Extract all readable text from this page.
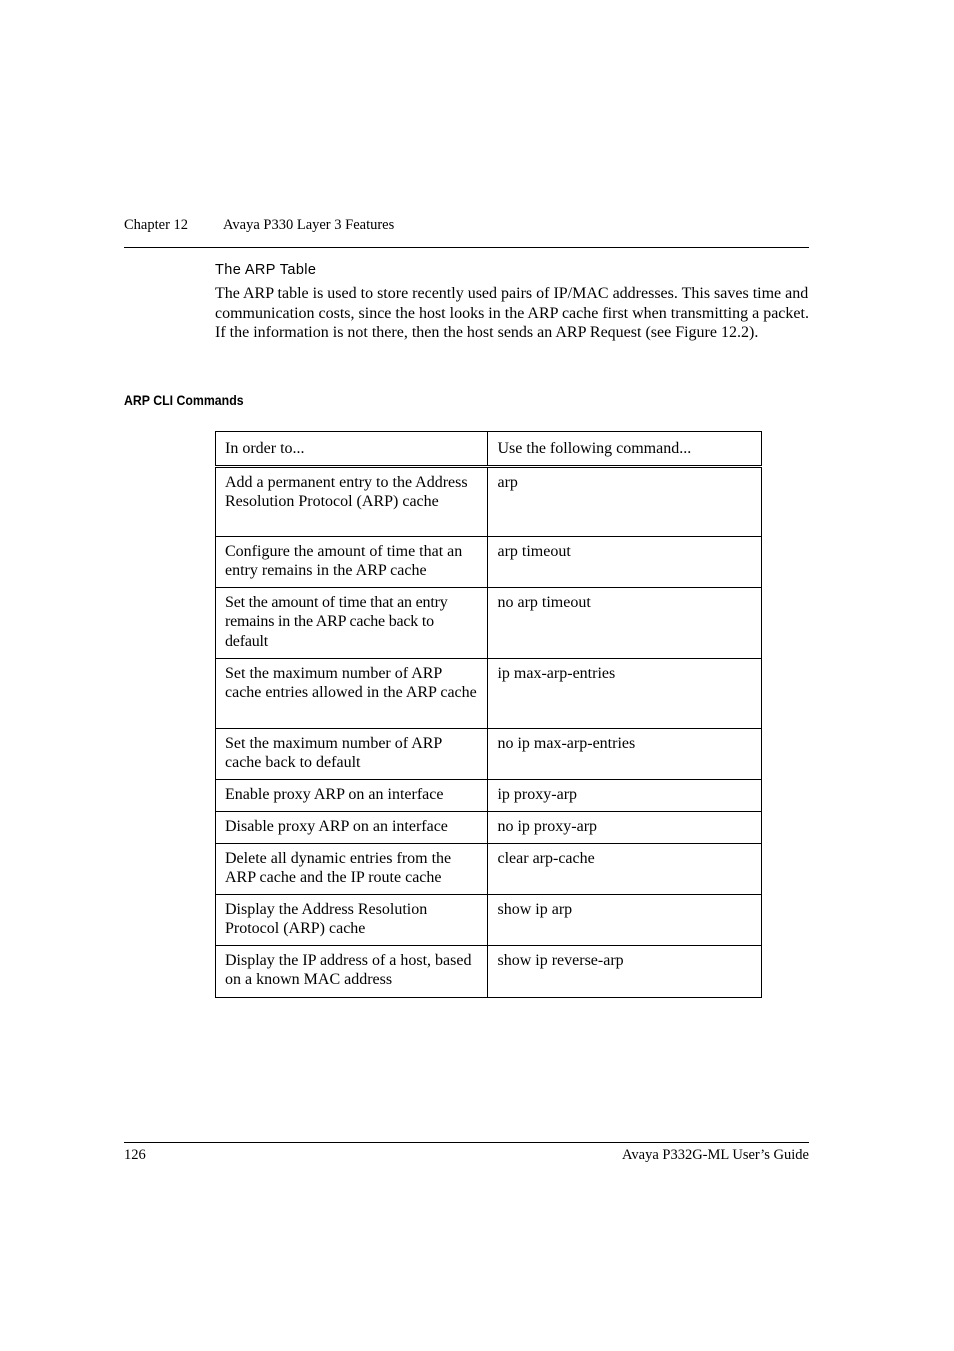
Chapter 12 Avaya P330 Layer 3 Features
The ARP Table

The ARP table is used to store recently used pairs of IP/MAC addresses. This saves time and communication costs, since the host looks in the ARP cache first when transmitting a packet. If the information is not there, then the host sends an ARP Request (see Figure 12.2).

ARP CLI Commands
In order to...	Use the following command...
Add a permanent entry to the Address Resolution Protocol (ARP) cache	arp
Configure the amount of time that an entry remains in the ARP cache	arp timeout
Set the amount of time that an entry remains in the ARP cache back to default	no arp timeout
Set the maximum number of ARP cache entries allowed in the ARP cache	ip max-arp-entries
Set the maximum number of ARP cache back to default	no ip max-arp-entries
Enable proxy ARP on an interface	ip proxy-arp
Disable proxy ARP on an interface	no ip proxy-arp
Delete all dynamic entries from the ARP cache and the IP route cache	clear arp-cache
Display the Address Resolution Protocol (ARP) cache	show ip arp
Display the IP address of a host, based on a known MAC address	show ip reverse-arp
126	Avaya P332G-ML User’s Guide
